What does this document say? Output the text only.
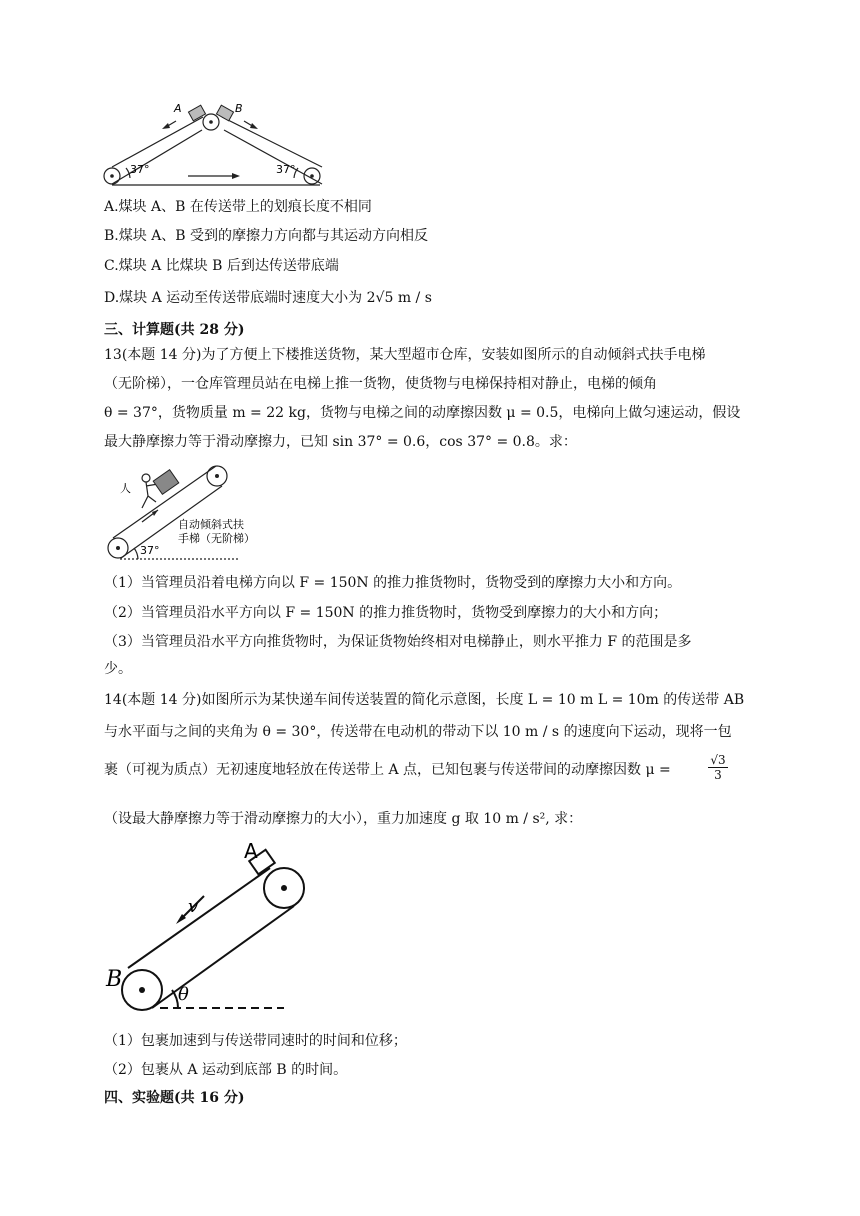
A	B
37°	37°
A.煤块 A、B 在传送带上的划痕长度不相同
B.煤块 A、B 受到的摩擦力方向都与其运动方向相反
C.煤块 A 比煤块 B 后到达传送带底端
D.煤块 A 运动至传送带底端时速度大小为 2√5 m / s
三、计算题(共 28 分)
13(本题 14 分)为了方便上下楼推送货物，某大型超市仓库，安装如图所示的自动倾斜式扶手电梯
（无阶梯），一仓库管理员站在电梯上推一货物，使货物与电梯保持相对静止，电梯的倾角
θ = 37°，货物质量 m = 22 kg，货物与电梯之间的动摩擦因数 μ = 0.5，电梯向上做匀速运动，假设
最大静摩擦力等于滑动摩擦力，已知 sin 37° = 0.6，cos 37° = 0.8。求：
人
自动倾斜式扶
手梯（无阶梯）
37°
（1）当管理员沿着电梯方向以 F = 150N 的推力推货物时，货物受到的摩擦力大小和方向。
（2）当管理员沿水平方向以 F = 150N 的推力推货物时，货物受到摩擦力的大小和方向；
（3）当管理员沿水平方向推货物时，为保证货物始终相对电梯静止，则水平推力 F 的范围是多
少。
14(本题 14 分)如图所示为某快递车间传送装置的简化示意图，长度 L = 10 m L = 10m 的传送带 AB
与水平面与之间的夹角为 θ = 30°，传送带在电动机的带动下以 10 m / s 的速度向下运动，现将一包
裹（可视为质点）无初速度地轻放在传送带上 A 点，已知包裹与传送带间的动摩擦因数 μ =	$\frac{√3}{3}$
（设最大静摩擦力等于滑动摩擦力的大小），重力加速度 g 取 10 m / s², 求：
A
B
v
θ
（1）包裹加速到与传送带同速时的时间和位移；
（2）包裹从 A 运动到底部 B 的时间。
四、实验题(共 16 分)
